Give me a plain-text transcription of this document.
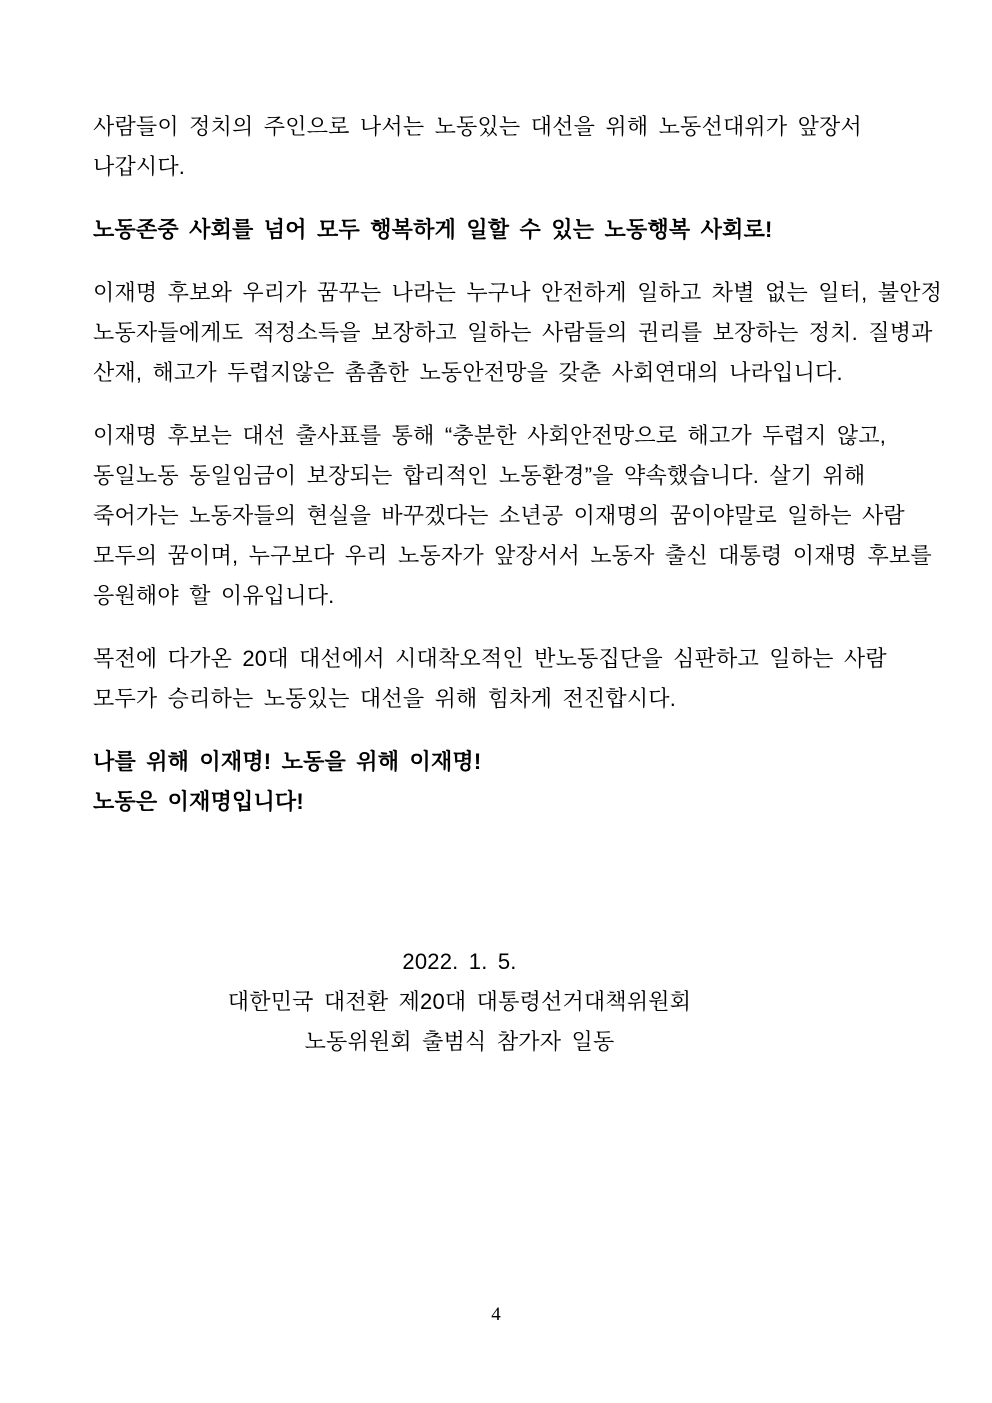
사람들이 정치의 주인으로 나서는 노동있는 대선을 위해 노동선대위가 앞장서
나갑시다.

노동존중 사회를 넘어 모두 행복하게 일할 수 있는 노동행복 사회로!

이재명 후보와 우리가 꿈꾸는 나라는 누구나 안전하게 일하고 차별 없는 일터, 불안정
노동자들에게도 적정소득을 보장하고 일하는 사람들의 권리를 보장하는 정치. 질병과
산재, 해고가 두렵지않은 촘촘한 노동안전망을 갖춘 사회연대의 나라입니다.

이재명 후보는 대선 출사표를 통해 “충분한 사회안전망으로 해고가 두렵지 않고,
동일노동 동일임금이 보장되는 합리적인 노동환경”을 약속했습니다. 살기 위해
죽어가는 노동자들의 현실을 바꾸겠다는 소년공 이재명의 꿈이야말로 일하는 사람
모두의 꿈이며, 누구보다 우리 노동자가 앞장서서 노동자 출신 대통령 이재명 후보를
응원해야 할 이유입니다.

목전에 다가온 20대 대선에서 시대착오적인 반노동집단을 심판하고 일하는 사람
모두가 승리하는 노동있는 대선을 위해 힘차게 전진합시다.

나를 위해 이재명! 노동을 위해 이재명!
노동은 이재명입니다!

2022. 1. 5.
대한민국 대전환 제20대 대통령선거대책위원회
노동위원회 출범식 참가자 일동
4
